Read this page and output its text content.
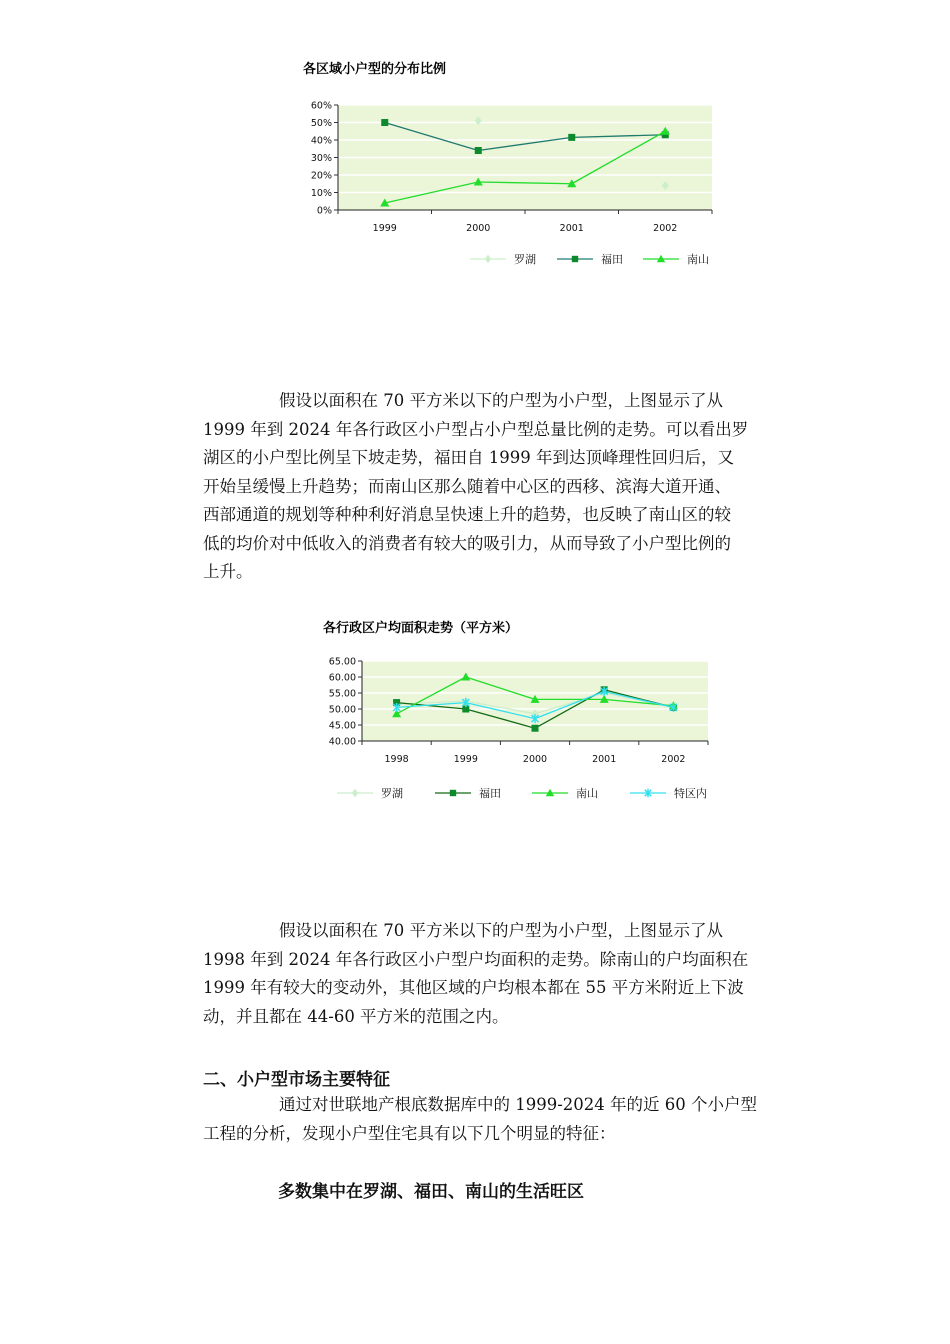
各区域小户型的分布比例
60%
50%
40%
30%
20%
10%
0%
1999	2000	2001	2002
罗湖	福田	南山
假设以面积在 70 平方米以下的户型为小户型，上图显示了从
1999 年到 2024 年各行政区小户型占小户型总量比例的走势。可以看出罗
湖区的小户型比例呈下坡走势，福田自 1999 年到达顶峰理性回归后，又
开始呈缓慢上升趋势；而南山区那么随着中心区的西移、滨海大道开通、
西部通道的规划等种种利好消息呈快速上升的趋势，也反映了南山区的较
低的均价对中低收入的消费者有较大的吸引力，从而导致了小户型比例的
上升。
各行政区户均面积走势（平方米）
65.00
60.00
55.00
50.00
45.00
40.00
1998	1999	2000	2001	2002
罗湖	福田	南山	特区内
假设以面积在 70 平方米以下的户型为小户型，上图显示了从
1998 年到 2024 年各行政区小户型户均面积的走势。除南山的户均面积在
1999 年有较大的变动外，其他区域的户均根本都在 55 平方米附近上下波
动，并且都在 44-60 平方米的范围之内。
二、小户型市场主要特征
通过对世联地产根底数据库中的 1999-2024 年的近 60 个小户型
工程的分析，发现小户型住宅具有以下几个明显的特征：
多数集中在罗湖、福田、南山的生活旺区
